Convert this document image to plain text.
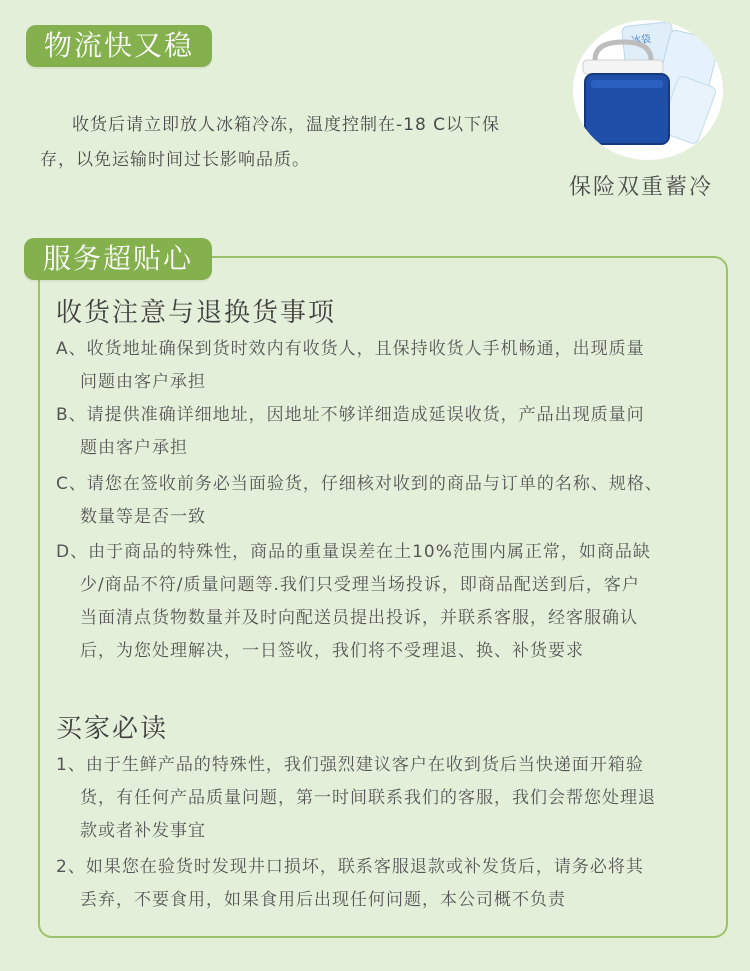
物流快又稳
收货后请立即放人冰箱冷冻，温度控制在-18 C以下保存，以免运输时间过长影响品质。
冰袋
保险双重蓄冷
服务超贴心
收货注意与退换货事项
A、收货地址确保到货时效内有收货人，且保持收货人手机畅通，出现质量
问题由客户承担
B、请提供准确详细地址，因地址不够详细造成延误收货，产品出现质量问
题由客户承担
C、请您在签收前务必当面验货，仔细核对收到的商品与订单的名称、规格、
数量等是否一致
D、由于商品的特殊性，商品的重量误差在土10%范围内属正常，如商品缺
少/商品不符/质量问题等.我们只受理当场投诉，即商品配送到后，客户
当面清点货物数量并及时向配送员提出投诉，并联系客服，经客服确认
后，为您处理解决，一日签收，我们将不受理退、换、补货要求
买家必读
1、由于生鲜产品的特殊性，我们强烈建议客户在收到货后当快递面开箱验
货，有任何产品质量问题，第一时间联系我们的客服，我们会帮您处理退
款或者补发事宜
2、如果您在验货时发现井口损坏，联系客服退款或补发货后，请务必将其
丢弃，不要食用，如果食用后出现任何问题，本公司概不负责
